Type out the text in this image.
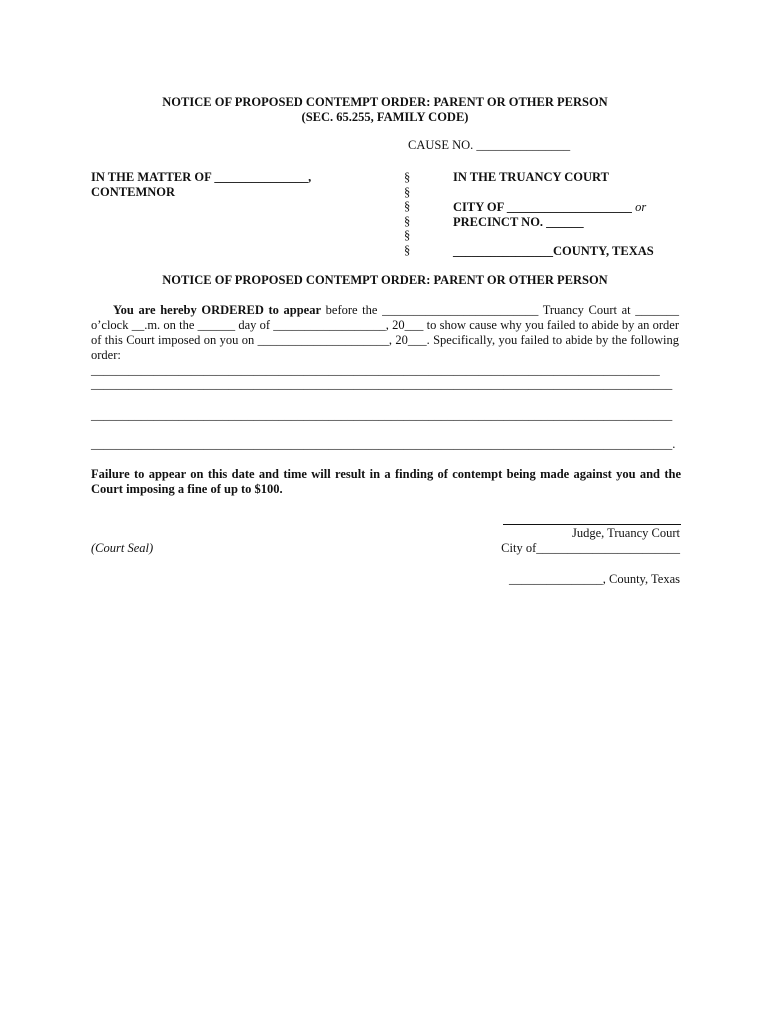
NOTICE OF PROPOSED CONTEMPT ORDER: PARENT OR OTHER PERSON
(SEC. 65.255, FAMILY CODE)
CAUSE NO. _______________
IN THE MATTER OF _______________,
CONTEMNOR
§
§
§
§
§
§
IN THE TRUANCY COURT
CITY OF ____________________ or
PRECINCT NO. ______
________________COUNTY, TEXAS
NOTICE OF PROPOSED CONTEMPT ORDER: PARENT OR OTHER PERSON
You are hereby ORDERED to appear before the _________________________ Truancy Court at _______ o’clock __.m. on the ______ day of __________________, 20___ to show cause why you failed to abide by an order of this Court imposed on you on _____________________, 20___. Specifically, you failed to abide by the following order: ___________________________________________________________________________________________
_____________________________________________________________________________________________
_____________________________________________________________________________________________
_____________________________________________________________________________________________.
Failure to appear on this date and time will result in a finding of contempt being made against you and the Court imposing a fine of up to $100.
Judge, Truancy Court
(Court Seal)	City of_______________________
_______________, County, Texas
